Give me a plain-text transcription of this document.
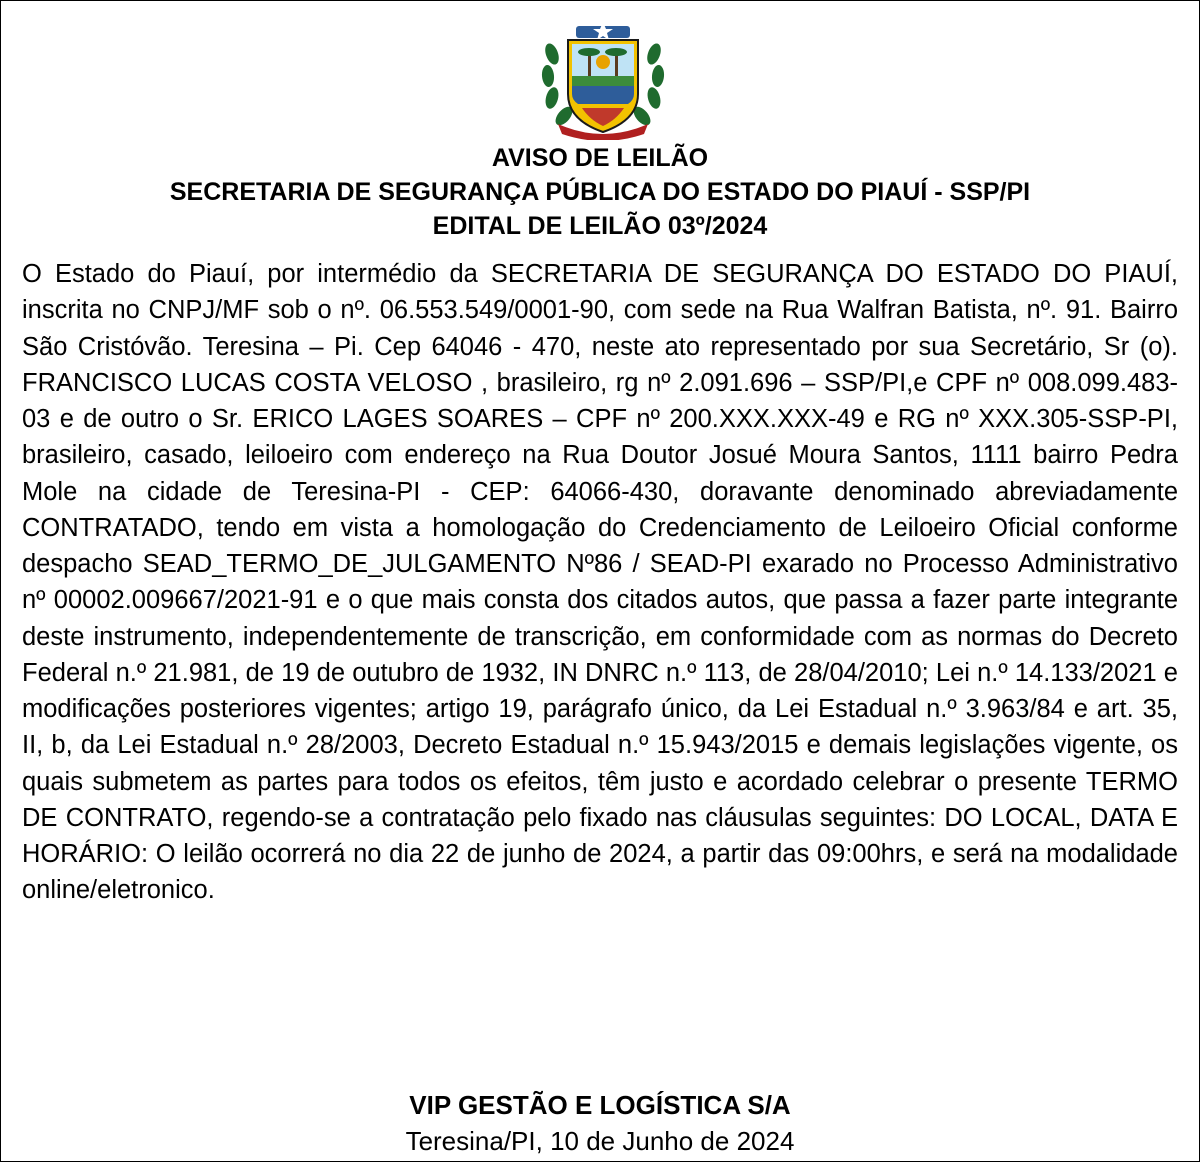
AVISO DE LEILÃO
SECRETARIA DE SEGURANÇA PÚBLICA DO ESTADO DO PIAUÍ - SSP/PI
EDITAL DE LEILÃO 03º/2024
O Estado do Piauí, por intermédio da SECRETARIA DE SEGURANÇA DO ESTADO DO PIAUÍ, inscrita no CNPJ/MF sob o nº. 06.553.549/0001-90, com sede na Rua Walfran Batista, nº. 91. Bairro São Cristóvão. Teresina – Pi. Cep 64046 - 470, neste ato representado por sua Secretário, Sr (o). FRANCISCO LUCAS COSTA VELOSO , brasileiro, rg nº 2.091.696 – SSP/PI,e CPF nº 008.099.483-03 e de outro o Sr. ERICO LAGES SOARES – CPF nº 200.XXX.XXX-49 e RG nº XXX.305-SSP-PI, brasileiro, casado, leiloeiro com endereço na Rua Doutor Josué Moura Santos, 1111 bairro Pedra Mole na cidade de Teresina-PI - CEP: 64066-430, doravante denominado abreviadamente CONTRATADO, tendo em vista a homologação do Credenciamento de Leiloeiro Oficial conforme despacho SEAD_TERMO_DE_JULGAMENTO Nº86 / SEAD-PI exarado no Processo Administrativo nº 00002.009667/2021-91 e o que mais consta dos citados autos, que passa a fazer parte integrante deste instrumento, independentemente de transcrição, em conformidade com as normas do Decreto Federal n.º 21.981, de 19 de outubro de 1932, IN DNRC n.º 113, de 28/04/2010; Lei n.º 14.133/2021 e modificações posteriores vigentes; artigo 19, parágrafo único, da Lei Estadual n.º 3.963/84 e art. 35, II, b, da Lei Estadual n.º 28/2003, Decreto Estadual n.º 15.943/2015 e demais legislações vigente, os quais submetem as partes para todos os efeitos, têm justo e acordado celebrar o presente TERMO DE CONTRATO, regendo-se a contratação pelo fixado nas cláusulas seguintes: DO LOCAL, DATA E HORÁRIO: O leilão ocorrerá no dia 22 de junho de 2024, a partir das 09:00hrs, e será na modalidade online/eletronico.
VIP GESTÃO E LOGÍSTICA S/A
Teresina/PI, 10 de Junho de 2024
